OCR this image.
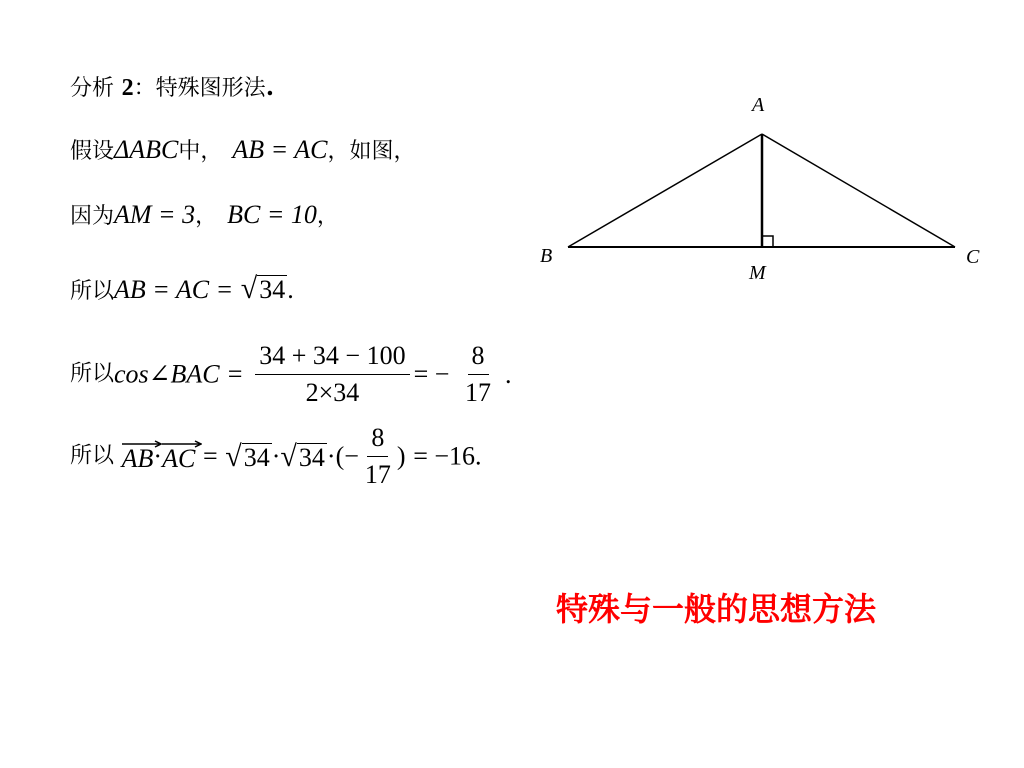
分析 2：特殊图形法.
假设ΔABC中， AB = AC，如图，
因为AM = 3， BC = 10，
所以AB = AC = √ 34 .
所以cos∠BAC = $\frac{34 + 34 - 100}{2\times 34}$ = − $\frac{8}{17}$ .
所以 AB·
AC = √ 34 · √ 34 ·(− $\frac{8}{17}$ ) = −16.
A
B	C
M
特殊与一般的思想方法
